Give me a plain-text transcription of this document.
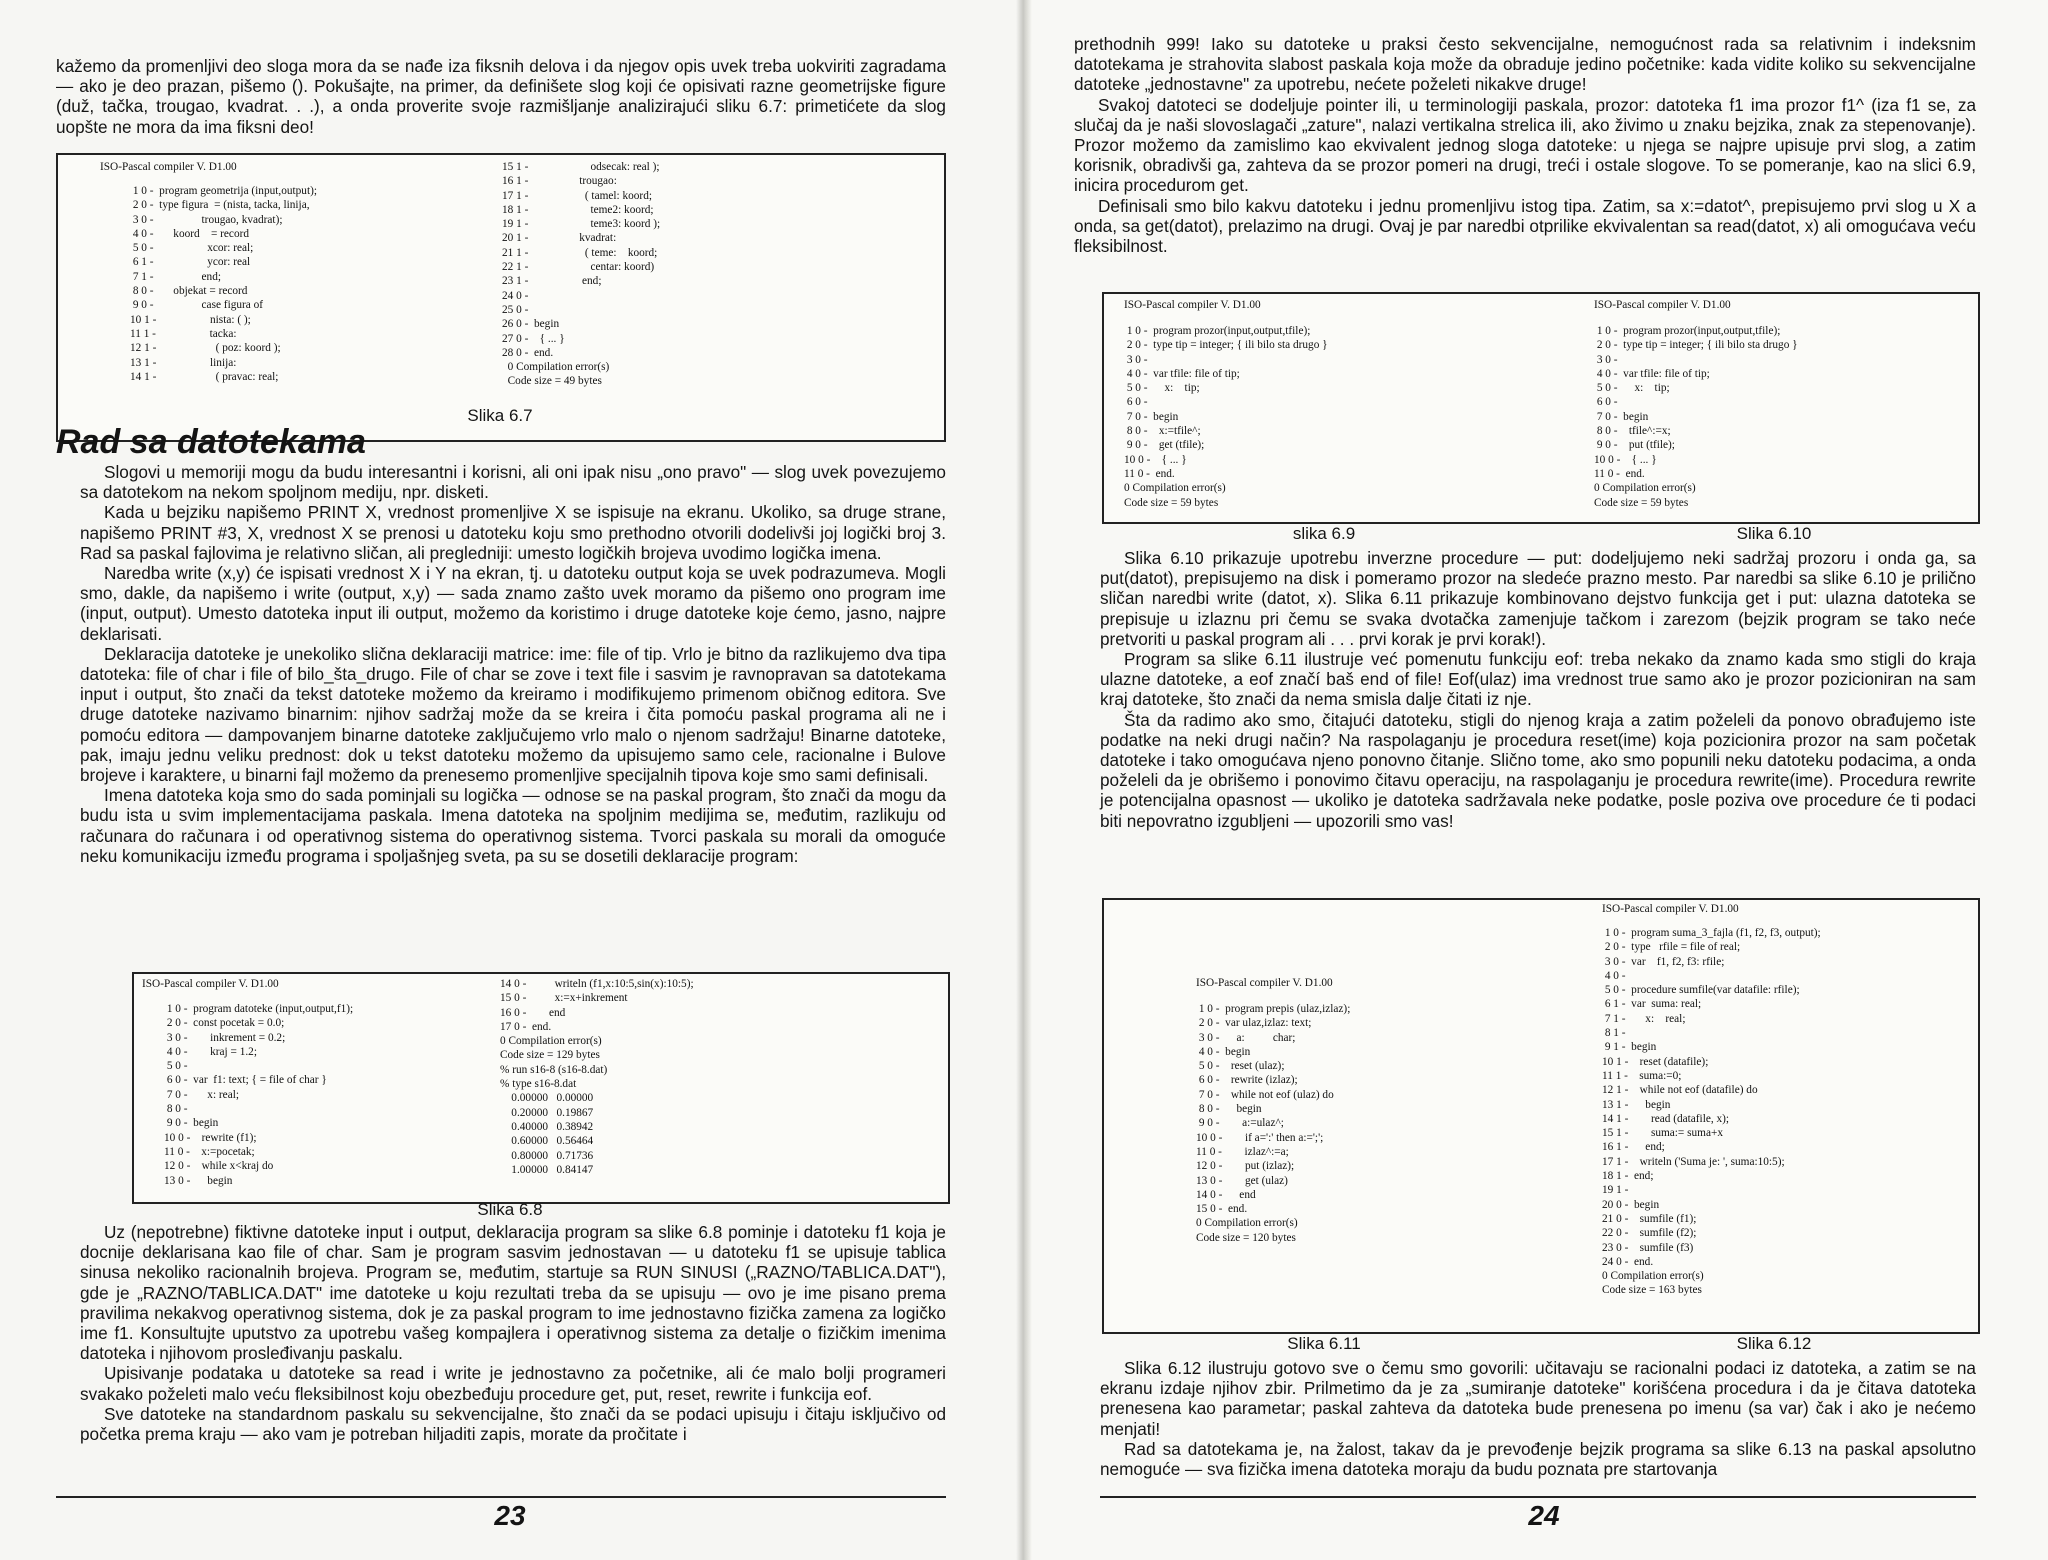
kažemo da promenljivi deo sloga mora da se nađe iza fiksnih delova i da njegov opis uvek treba uokviriti zagradama — ako je deo prazan, pišemo (). Pokušajte, na primer, da definišete slog koji će opisivati razne geometrijske figure (duž, tačka, trougao, kvadrat. . .), a onda proverite svoje razmišljanje analizirajući sliku 6.7: primetićete da slog uopšte ne mora da ima fiksni deo!

ISO-Pascal compiler V. D1.00
1 0 -  program geometrija (input,output);
2 0 -  type figura  = (nista, tacka, linija,
3 0 -                 trougao, kvadrat);
4 0 -       koord    = record
5 0 -                   xcor: real;
6 1 -                   ycor: real
7 1 -                 end;
8 0 -       objekat = record
9 0 -                 case figura of
10 1 -                   nista: ( );
11 1 -                   tacka:
12 1 -                     ( poz: koord );
13 1 -                   linija:
14 1 -                     ( pravac: real;
15 1 -                      odsecak: real );
16 1 -                  trougao:
17 1 -                    ( tamel: koord;
18 1 -                      teme2: koord;
19 1 -                      teme3: koord );
20 1 -                  kvadrat:
21 1 -                    ( teme:    koord;
22 1 -                      centar: koord)
23 1 -                   end;
24 0 -
25 0 -
26 0 -  begin
27 0 -    { ... }
28 0 -  end.
0 Compilation error(s)
Code size = 49 bytes
Slika 6.7
Rad sa datotekama

Slogovi u memoriji mogu da budu interesantni i korisni, ali oni ipak nisu „ono pravo" — slog uvek povezujemo sa datotekom na nekom spoljnom mediju, npr. disketi.

Kada u bejziku napišemo PRINT X, vrednost promenljive X se ispisuje na ekranu. Ukoliko, sa druge strane, napišemo PRINT #3, X, vrednost X se prenosi u datoteku koju smo prethodno otvorili dodelivši joj logički broj 3. Rad sa paskal fajlovima je relativno sličan, ali pregledniji: umesto logičkih brojeva uvodimo logička imena.

Naredba write (x,y) će ispisati vrednost X i Y na ekran, tj. u datoteku output koja se uvek podrazumeva. Mogli smo, dakle, da napišemo i write (output, x,y) — sada znamo zašto uvek moramo da pišemo ono program ime (input, output). Umesto datoteka input ili output, možemo da koristimo i druge datoteke koje ćemo, jasno, najpre deklarisati.

Deklaracija datoteke je unekoliko slična deklaraciji matrice: ime: file of tip. Vrlo je bitno da razlikujemo dva tipa datoteka: file of char i file of bilo_šta_drugo. File of char se zove i text file i sasvim je ravnopravan sa datotekama input i output, što znači da tekst datoteke možemo da kreiramo i modifikujemo primenom običnog editora. Sve druge datoteke nazivamo binarnim: njihov sadržaj može da se kreira i čita pomoću paskal programa ali ne i pomoću editora — dampovanjem binarne datoteke zaključujemo vrlo malo o njenom sadržaju! Binarne datoteke, pak, imaju jednu veliku prednost: dok u tekst datoteku možemo da upisujemo samo cele, racionalne i Bulove brojeve i karaktere, u binarni fajl možemo da prenesemo promenljive specijalnih tipova koje smo sami definisali.

Imena datoteka koja smo do sada pominjali su logička — odnose se na paskal program, što znači da mogu da budu ista u svim implementacijama paskala. Imena datoteka na spoljnim medijima se, međutim, razlikuju od računara do računara i od operativnog sistema do operativnog sistema. Tvorci paskala su morali da omoguće neku komunikaciju između programa i spoljašnjeg sveta, pa su se dosetili deklaracije program:

ISO-Pascal compiler V. D1.00
1 0 -  program datoteke (input,output,f1);
2 0 -  const pocetak = 0.0;
3 0 -        inkrement = 0.2;
4 0 -        kraj = 1.2;
5 0 -
6 0 -  var  f1: text; { = file of char }
7 0 -       x: real;
8 0 -
9 0 -  begin
10 0 -    rewrite (f1);
11 0 -    x:=pocetak;
12 0 -    while x<kraj do
13 0 -      begin
14 0 -          writeln (f1,x:10:5,sin(x):10:5);
15 0 -          x:=x+inkrement
16 0 -        end
17 0 -  end.
0 Compilation error(s)
Code size = 129 bytes
% run s16-8 (s16-8.dat)
% type s16-8.dat
0.00000   0.00000
0.20000   0.19867
0.40000   0.38942
0.60000   0.56464
0.80000   0.71736
1.00000   0.84147
Slika 6.8

Uz (nepotrebne) fiktivne datoteke input i output, deklaracija program sa slike 6.8 pominje i datoteku f1 koja je docnije deklarisana kao file of char. Sam je program sasvim jednostavan — u datoteku f1 se upisuje tablica sinusa nekoliko racionalnih brojeva. Program se, međutim, startuje sa RUN SINUSI („RAZNO/TABLICA.DAT"), gde je „RAZNO/TABLICA.DAT" ime datoteke u koju rezultati treba da se upisuju — ovo je ime pisano prema pravilima nekakvog operativnog sistema, dok je za paskal program to ime jednostavno fizička zamena za logičko ime f1. Konsultujte uputstvo za upotrebu vašeg kompajlera i operativnog sistema za detalje o fizičkim imenima datoteka i njihovom prosleđivanju paskalu.

Upisivanje podataka u datoteke sa read i write je jednostavno za početnike, ali će malo bolji programeri svakako poželeti malo veću fleksibilnost koju obezbeđuju procedure get, put, reset, rewrite i funkcija eof.

Sve datoteke na standardnom paskalu su sekvencijalne, što znači da se podaci upisuju i čitaju isključivo od početka prema kraju — ako vam je potreban hiljaditi zapis, morate da pročitate i

23

prethodnih 999! Iako su datoteke u praksi često sekvencijalne, nemogućnost rada sa relativnim i indeksnim datotekama je strahovita slabost paskala koja može da obraduje jedino početnike: kada vidite koliko su sekvencijalne datoteke „jednostavne" za upotrebu, nećete poželeti nikakve druge!

Svakoj datoteci se dodeljuje pointer ili, u terminologiji paskala, prozor: datoteka f1 ima prozor f1^ (iza f1 se, za slučaj da je naši slovoslagači „zature", nalazi vertikalna strelica ili, ako živimo u znaku bejzika, znak za stepenovanje). Prozor možemo da zamislimo kao ekvivalent jednog sloga datoteke: u njega se najpre upisuje prvi slog, a zatim korisnik, obradivši ga, zahteva da se prozor pomeri na drugi, treći i ostale slogove. To se pomeranje, kao na slici 6.9, inicira procedurom get.

Definisali smo bilo kakvu datoteku i jednu promenljivu istog tipa. Zatim, sa x:=datot^, prepisujemo prvi slog u X a onda, sa get(datot), prelazimo na drugi. Ovaj je par naredbi otprilike ekvivalentan sa read(datot, x) ali omogućava veću fleksibilnost.

ISO-Pascal compiler V. D1.00	ISO-Pascal compiler V. D1.00
1 0 -  program prozor(input,output,tfile);
2 0 -  type tip = integer; { ili bilo sta drugo }
3 0 -
4 0 -  var tfile: file of tip;
5 0 -      x:    tip;
6 0 -
7 0 -  begin
8 0 -    x:=tfile^;
9 0 -    get (tfile);
10 0 -    { ... }
11 0 -  end.
0 Compilation error(s)
Code size = 59 bytes
1 0 -  program prozor(input,output,tfile);
2 0 -  type tip = integer; { ili bilo sta drugo }
3 0 -
4 0 -  var tfile: file of tip;
5 0 -      x:    tip;
6 0 -
7 0 -  begin
8 0 -    tfile^:=x;
9 0 -    put (tfile);
10 0 -    { ... }
11 0 -  end.
0 Compilation error(s)
Code size = 59 bytes
slika 6.9	Slika 6.10

Slika 6.10 prikazuje upotrebu inverzne procedure — put: dodeljujemo neki sadržaj prozoru i onda ga, sa put(datot), prepisujemo na disk i pomeramo prozor na sledeće prazno mesto. Par naredbi sa slike 6.10 je prilično sličan naredbi write (datot, x). Slika 6.11 prikazuje kombinovano dejstvo funkcija get i put: ulazna datoteka se prepisuje u izlaznu pri čemu se svaka dvotačka zamenjuje tačkom i zarezom (bejzik program se tako neće pretvoriti u paskal program ali . . . prvi korak je prvi korak!).

Program sa slike 6.11 ilustruje već pomenutu funkciju eof: treba nekako da znamo kada smo stigli do kraja ulazne datoteke, a eof značí baš end of file! Eof(ulaz) ima vrednost true samo ako je prozor pozicioniran na sam kraj datoteke, što znači da nema smisla dalje čitati iz nje.

Šta da radimo ako smo, čitajući datoteku, stigli do njenog kraja a zatim poželeli da ponovo obrađujemo iste podatke na neki drugi način? Na raspolaganju je procedura reset(ime) koja pozicionira prozor na sam početak datoteke i tako omogućava njeno ponovno čitanje. Slično tome, ako smo popunili neku datoteku podacima, a onda poželeli da je obrišemo i ponovimo čitavu operaciju, na raspolaganju je procedura rewrite(ime). Procedura rewrite je potencijalna opasnost — ukoliko je datoteka sadržavala neke podatke, posle poziva ove procedure će ti podaci biti nepovratno izgubljeni — upozorili smo vas!

ISO-Pascal compiler V. D1.00
1 0 -  program prepis (ulaz,izlaz);
2 0 -  var ulaz,izlaz: text;
3 0 -      a:          char;
4 0 -  begin
5 0 -    reset (ulaz);
6 0 -    rewrite (izlaz);
7 0 -    while not eof (ulaz) do
8 0 -      begin
9 0 -        a:=ulaz^;
10 0 -        if a=':' then a:=';';
11 0 -        izlaz^:=a;
12 0 -        put (izlaz);
13 0 -        get (ulaz)
14 0 -      end
15 0 -  end.
0 Compilation error(s)
Code size = 120 bytes
ISO-Pascal compiler V. D1.00
1 0 -  program suma_3_fajla (f1, f2, f3, output);
2 0 -  type   rfile = file of real;
3 0 -  var    f1, f2, f3: rfile;
4 0 -
5 0 -  procedure sumfile(var datafile: rfile);
6 1 -  var  suma: real;
7 1 -       x:    real;
8 1 -
9 1 -  begin
10 1 -    reset (datafile);
11 1 -    suma:=0;
12 1 -    while not eof (datafile) do
13 1 -      begin
14 1 -        read (datafile, x);
15 1 -        suma:= suma+x
16 1 -      end;
17 1 -    writeln ('Suma je: ', suma:10:5);
18 1 -  end;
19 1 -
20 0 -  begin
21 0 -    sumfile (f1);
22 0 -    sumfile (f2);
23 0 -    sumfile (f3)
24 0 -  end.
0 Compilation error(s)
Code size = 163 bytes
Slika 6.11	Slika 6.12

Slika 6.12 ilustruju gotovo sve o čemu smo govorili: učitavaju se racionalni podaci iz datoteka, a zatim se na ekranu izdaje njihov zbir. Prilmetimo da je za „sumiranje datoteke" korišćena procedura i da je čitava datoteka prenesena kao parametar; paskal zahteva da datoteka bude prenesena po imenu (sa var) čak i ako je nećemo menjati!

Rad sa datotekama je, na žalost, takav da je prevođenje bejzik programa sa slike 6.13 na paskal apsolutno nemoguće — sva fizička imena datoteka moraju da budu poznata pre startovanja

24
